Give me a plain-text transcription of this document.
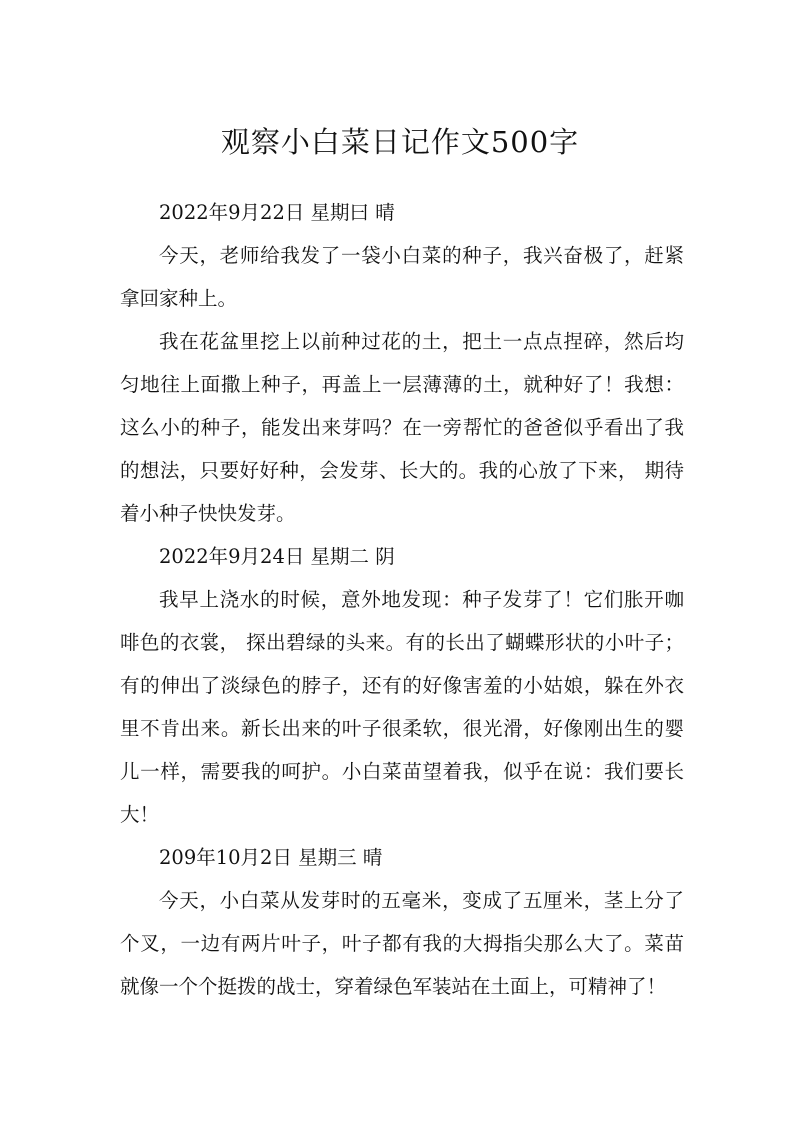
观察小白菜日记作文500字

2022年9月22日 星期曰 晴

今天，老师给我发了一袋小白菜的种子，我兴奋极了，赶紧拿回家种上。

我在花盆里挖上以前种过花的土，把土一点点捏碎，然后均匀地往上面撒上种子，再盖上一层薄薄的土，就种好了！我想：这么小的种子，能发出来芽吗？在一旁帮忙的爸爸似乎看出了我的想法，只要好好种，会发芽、长大的。我的心放了下来， 期待着小种子快快发芽。

2022年9月24日 星期二 阴

我早上浇水的时候，意外地发现：种子发芽了！它们胀开咖啡色的衣裳， 探出碧绿的头来。有的长出了蝴蝶形状的小叶子；有的伸出了淡绿色的脖子，还有的好像害羞的小姑娘，躲在外衣里不肯出来。新长出来的叶子很柔软，很光滑，好像刚出生的婴儿一样，需要我的呵护。小白菜苗望着我，似乎在说：我们要长大！

209年10月2日 星期三 晴

今天，小白菜从发芽时的五毫米，变成了五厘米，茎上分了个叉，一边有两片叶子，叶子都有我的大拇指尖那么大了。菜苗就像一个个挺拨的战士，穿着绿色军装站在土面上，可精神了！
